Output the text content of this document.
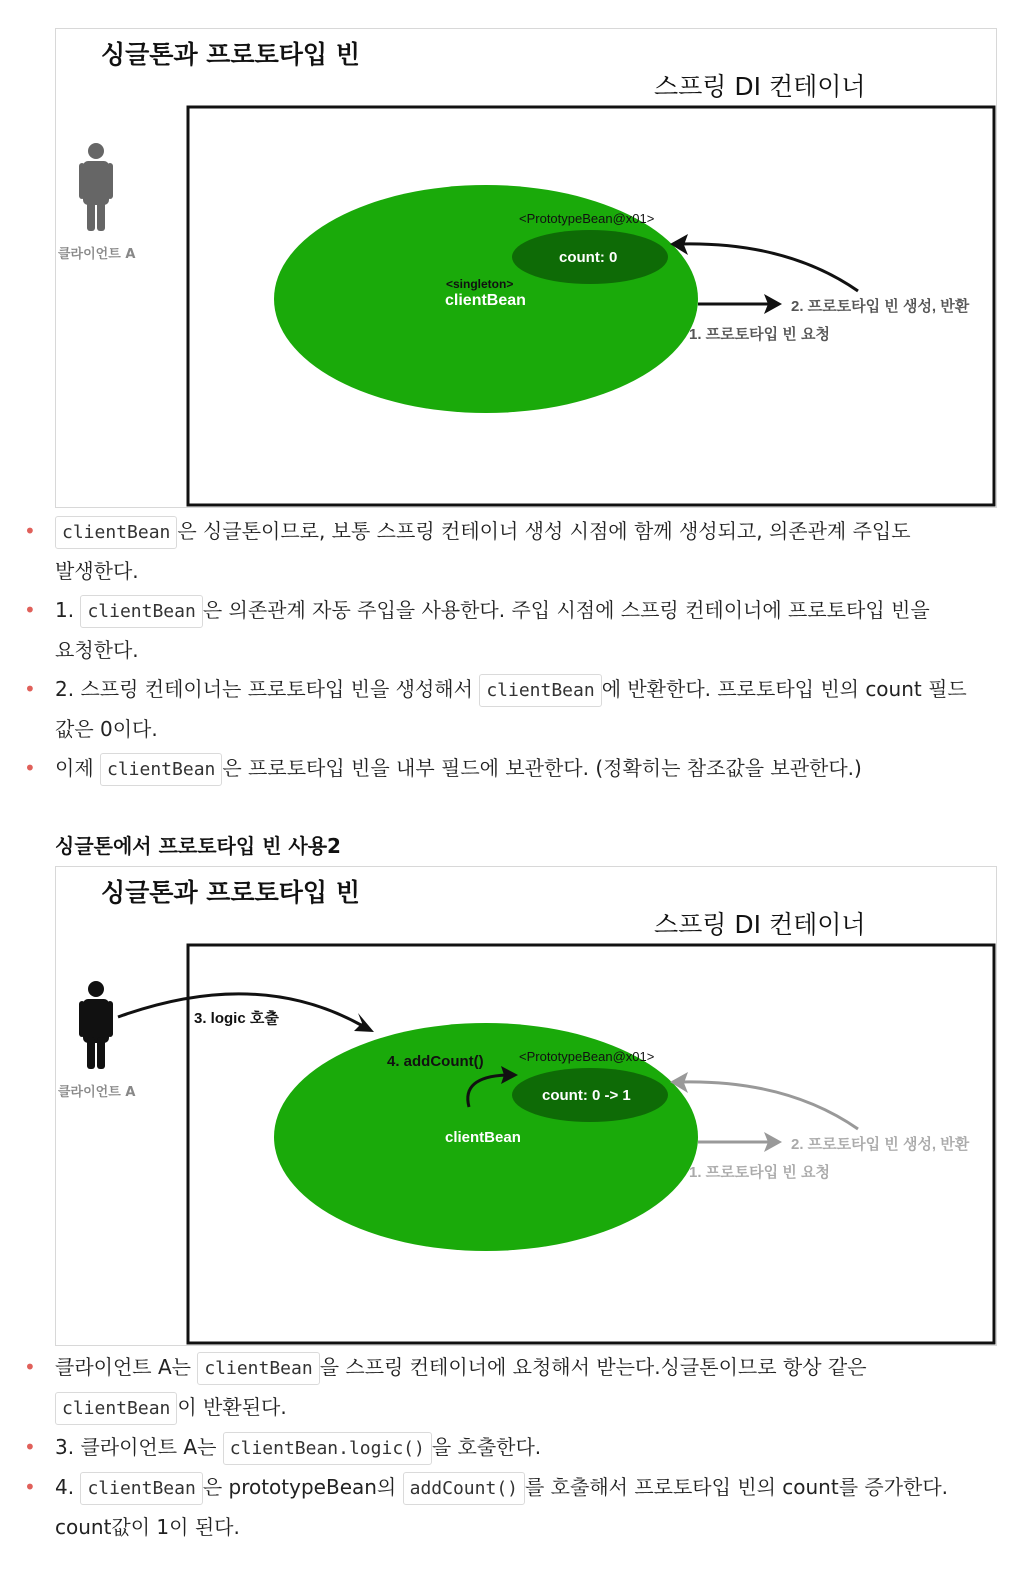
싱글톤과 프로토타입 빈
스프링 DI 컨테이너
클라이언트 A
<PrototypeBean@x01>
count: 0
<singleton>
clientBean	2. 프로토타입 빈 생성, 반환
1. 프로토타입 빈 요청
• clientBean 은 싱글톤이므로, 보통 스프링 컨테이너 생성 시점에 함께 생성되고, 의존관계 주입도
발생한다.
• 1. clientBean 은 의존관계 자동 주입을 사용한다. 주입 시점에 스프링 컨테이너에 프로토타입 빈을
요청한다.
• 2. 스프링 컨테이너는 프로토타입 빈을 생성해서 clientBean 에 반환한다. 프로토타입 빈의 count 필드
값은 0이다.
• 이제 clientBean 은 프로토타입 빈을 내부 필드에 보관한다. (정확히는 참조값을 보관한다.)
싱글톤에서 프로토타입 빈 사용2
싱글톤과 프로토타입 빈
스프링 DI 컨테이너
클라이언트 A
3. logic 호출
4. addCount()	<PrototypeBean@x01>
count: 0 -> 1
clientBean	2. 프로토타입 빈 생성, 반환
1. 프로토타입 빈 요청
• 클라이언트 A는 clientBean 을 스프링 컨테이너에 요청해서 받는다.싱글톤이므로 항상 같은
clientBean 이 반환된다.
• 3. 클라이언트 A는 clientBean.logic() 을 호출한다.
• 4. clientBean 은 prototypeBean의 addCount() 를 호출해서 프로토타입 빈의 count를 증가한다.
count값이 1이 된다.
